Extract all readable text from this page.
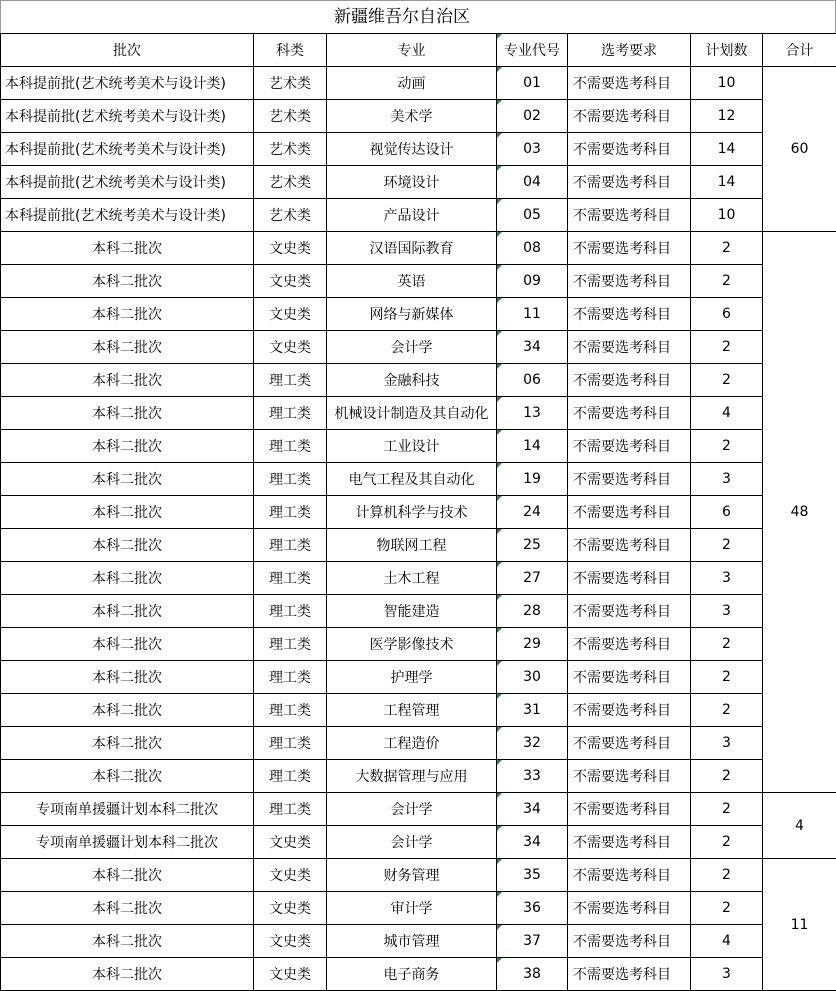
新疆维吾尔自治区
批次	科类	专业	专业代号	选考要求	计划数	合计
本科提前批(艺术统考美术与设计类)	艺术类	动画	01	不需要选考科目	10	60
本科提前批(艺术统考美术与设计类)	艺术类	美术学	02	不需要选考科目	12	
本科提前批(艺术统考美术与设计类)	艺术类	视觉传达设计	03	不需要选考科目	14	
本科提前批(艺术统考美术与设计类)	艺术类	环境设计	04	不需要选考科目	14	
本科提前批(艺术统考美术与设计类)	艺术类	产品设计	05	不需要选考科目	10	
本科二批次	文史类	汉语国际教育	08	不需要选考科目	2	48
本科二批次	文史类	英语	09	不需要选考科目	2	
本科二批次	文史类	网络与新媒体	11	不需要选考科目	6	
本科二批次	文史类	会计学	34	不需要选考科目	2	
本科二批次	理工类	金融科技	06	不需要选考科目	2	
本科二批次	理工类	机械设计制造及其自动化	13	不需要选考科目	4	
本科二批次	理工类	工业设计	14	不需要选考科目	2	
本科二批次	理工类	电气工程及其自动化	19	不需要选考科目	3	
本科二批次	理工类	计算机科学与技术	24	不需要选考科目	6	
本科二批次	理工类	物联网工程	25	不需要选考科目	2	
本科二批次	理工类	土木工程	27	不需要选考科目	3	
本科二批次	理工类	智能建造	28	不需要选考科目	3	
本科二批次	理工类	医学影像技术	29	不需要选考科目	2	
本科二批次	理工类	护理学	30	不需要选考科目	2	
本科二批次	理工类	工程管理	31	不需要选考科目	2	
本科二批次	理工类	工程造价	32	不需要选考科目	3	
本科二批次	理工类	大数据管理与应用	33	不需要选考科目	2	
专项南单援疆计划本科二批次	理工类	会计学	34	不需要选考科目	2	4
专项南单援疆计划本科二批次	文史类	会计学	34	不需要选考科目	2	
本科二批次	文史类	财务管理	35	不需要选考科目	2	11
本科二批次	文史类	审计学	36	不需要选考科目	2	
本科二批次	文史类	城市管理	37	不需要选考科目	4	
本科二批次	文史类	电子商务	38	不需要选考科目	3	
